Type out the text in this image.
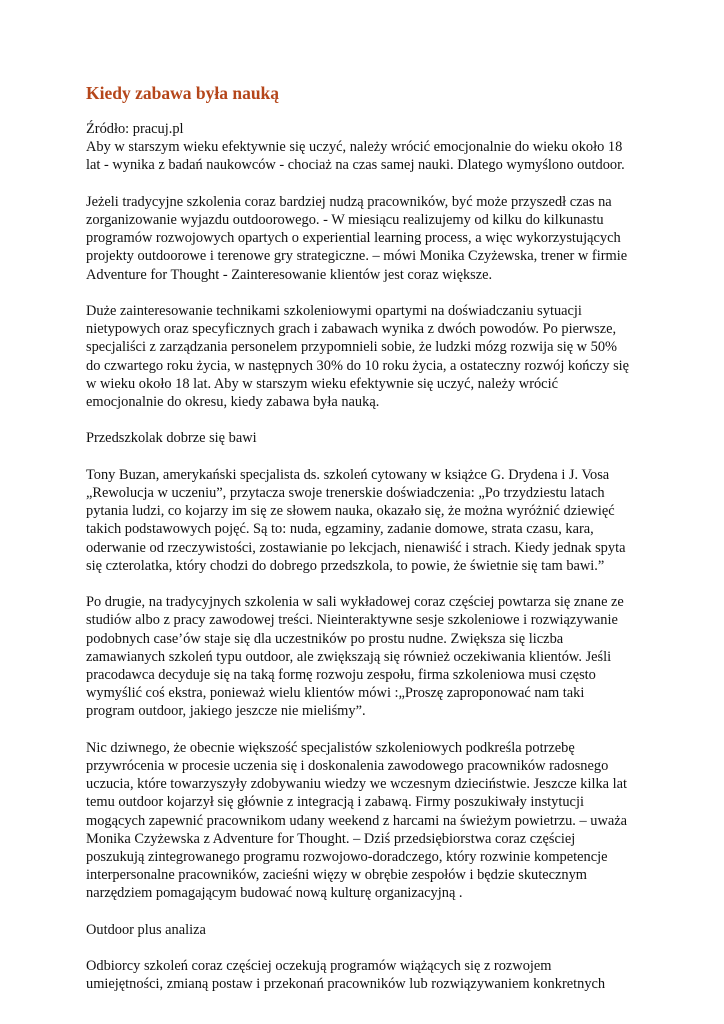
Kiedy zabawa była nauką

Źródło: pracuj.pl
Aby w starszym wieku efektywnie się uczyć, należy wrócić emocjonalnie do wieku około 18
lat - wynika z badań naukowców - chociaż na czas samej nauki. Dlatego wymyślono outdoor.

Jeżeli tradycyjne szkolenia coraz bardziej nudzą pracowników, być może przyszedł czas na
zorganizowanie wyjazdu outdoorowego. - W miesiącu realizujemy od kilku do kilkunastu
programów rozwojowych opartych o experiential learning process, a więc wykorzystujących
projekty outdoorowe i terenowe gry strategiczne. – mówi Monika Czyżewska, trener w firmie
Adventure for Thought - Zainteresowanie klientów jest coraz większe.

Duże zainteresowanie technikami szkoleniowymi opartymi na doświadczaniu sytuacji
nietypowych oraz specyficznych grach i zabawach wynika z dwóch powodów. Po pierwsze,
specjaliści z zarządzania personelem przypomnieli sobie, że ludzki mózg rozwija się w 50%
do czwartego roku życia, w następnych 30% do 10 roku życia, a ostateczny rozwój kończy się
w wieku około 18 lat. Aby w starszym wieku efektywnie się uczyć, należy wrócić
emocjonalnie do okresu, kiedy zabawa była nauką.

Przedszkolak dobrze się bawi

Tony Buzan, amerykański specjalista ds. szkoleń cytowany w książce G. Drydena i J. Vosa
„Rewolucja w uczeniu”, przytacza swoje trenerskie doświadczenia: „Po trzydziestu latach
pytania ludzi, co kojarzy im się ze słowem nauka, okazało się, że można wyróżnić dziewięć
takich podstawowych pojęć. Są to: nuda, egzaminy, zadanie domowe, strata czasu, kara,
oderwanie od rzeczywistości, zostawianie po lekcjach, nienawiść i strach. Kiedy jednak spyta
się czterolatka, który chodzi do dobrego przedszkola, to powie, że świetnie się tam bawi.”

Po drugie, na tradycyjnych szkolenia w sali wykładowej coraz częściej powtarza się znane ze
studiów albo z pracy zawodowej treści. Nieinteraktywne sesje szkoleniowe i rozwiązywanie
podobnych case’ów staje się dla uczestników po prostu nudne. Zwiększa się liczba
zamawianych szkoleń typu outdoor, ale zwiększają się również oczekiwania klientów. Jeśli
pracodawca decyduje się na taką formę rozwoju zespołu, firma szkoleniowa musi często
wymyślić coś ekstra, ponieważ wielu klientów mówi :„Proszę zaproponować nam taki
program outdoor, jakiego jeszcze nie mieliśmy”.

Nic dziwnego, że obecnie większość specjalistów szkoleniowych podkreśla potrzebę
przywrócenia w procesie uczenia się i doskonalenia zawodowego pracowników radosnego
uczucia, które towarzyszyły zdobywaniu wiedzy we wczesnym dzieciństwie. Jeszcze kilka lat
temu outdoor kojarzył się głównie z integracją i zabawą. Firmy poszukiwały instytucji
mogących zapewnić pracownikom udany weekend z harcami na świeżym powietrzu. – uważa
Monika Czyżewska z Adventure for Thought. – Dziś przedsiębiorstwa coraz częściej
poszukują zintegrowanego programu rozwojowo-doradczego, który rozwinie kompetencje
interpersonalne pracowników, zacieśni więzy w obrębie zespołów i będzie skutecznym
narzędziem pomagającym budować nową kulturę organizacyjną .

Outdoor plus analiza

Odbiorcy szkoleń coraz częściej oczekują programów wiążących się z rozwojem
umiejętności, zmianą postaw i przekonań pracowników lub rozwiązywaniem konkretnych
